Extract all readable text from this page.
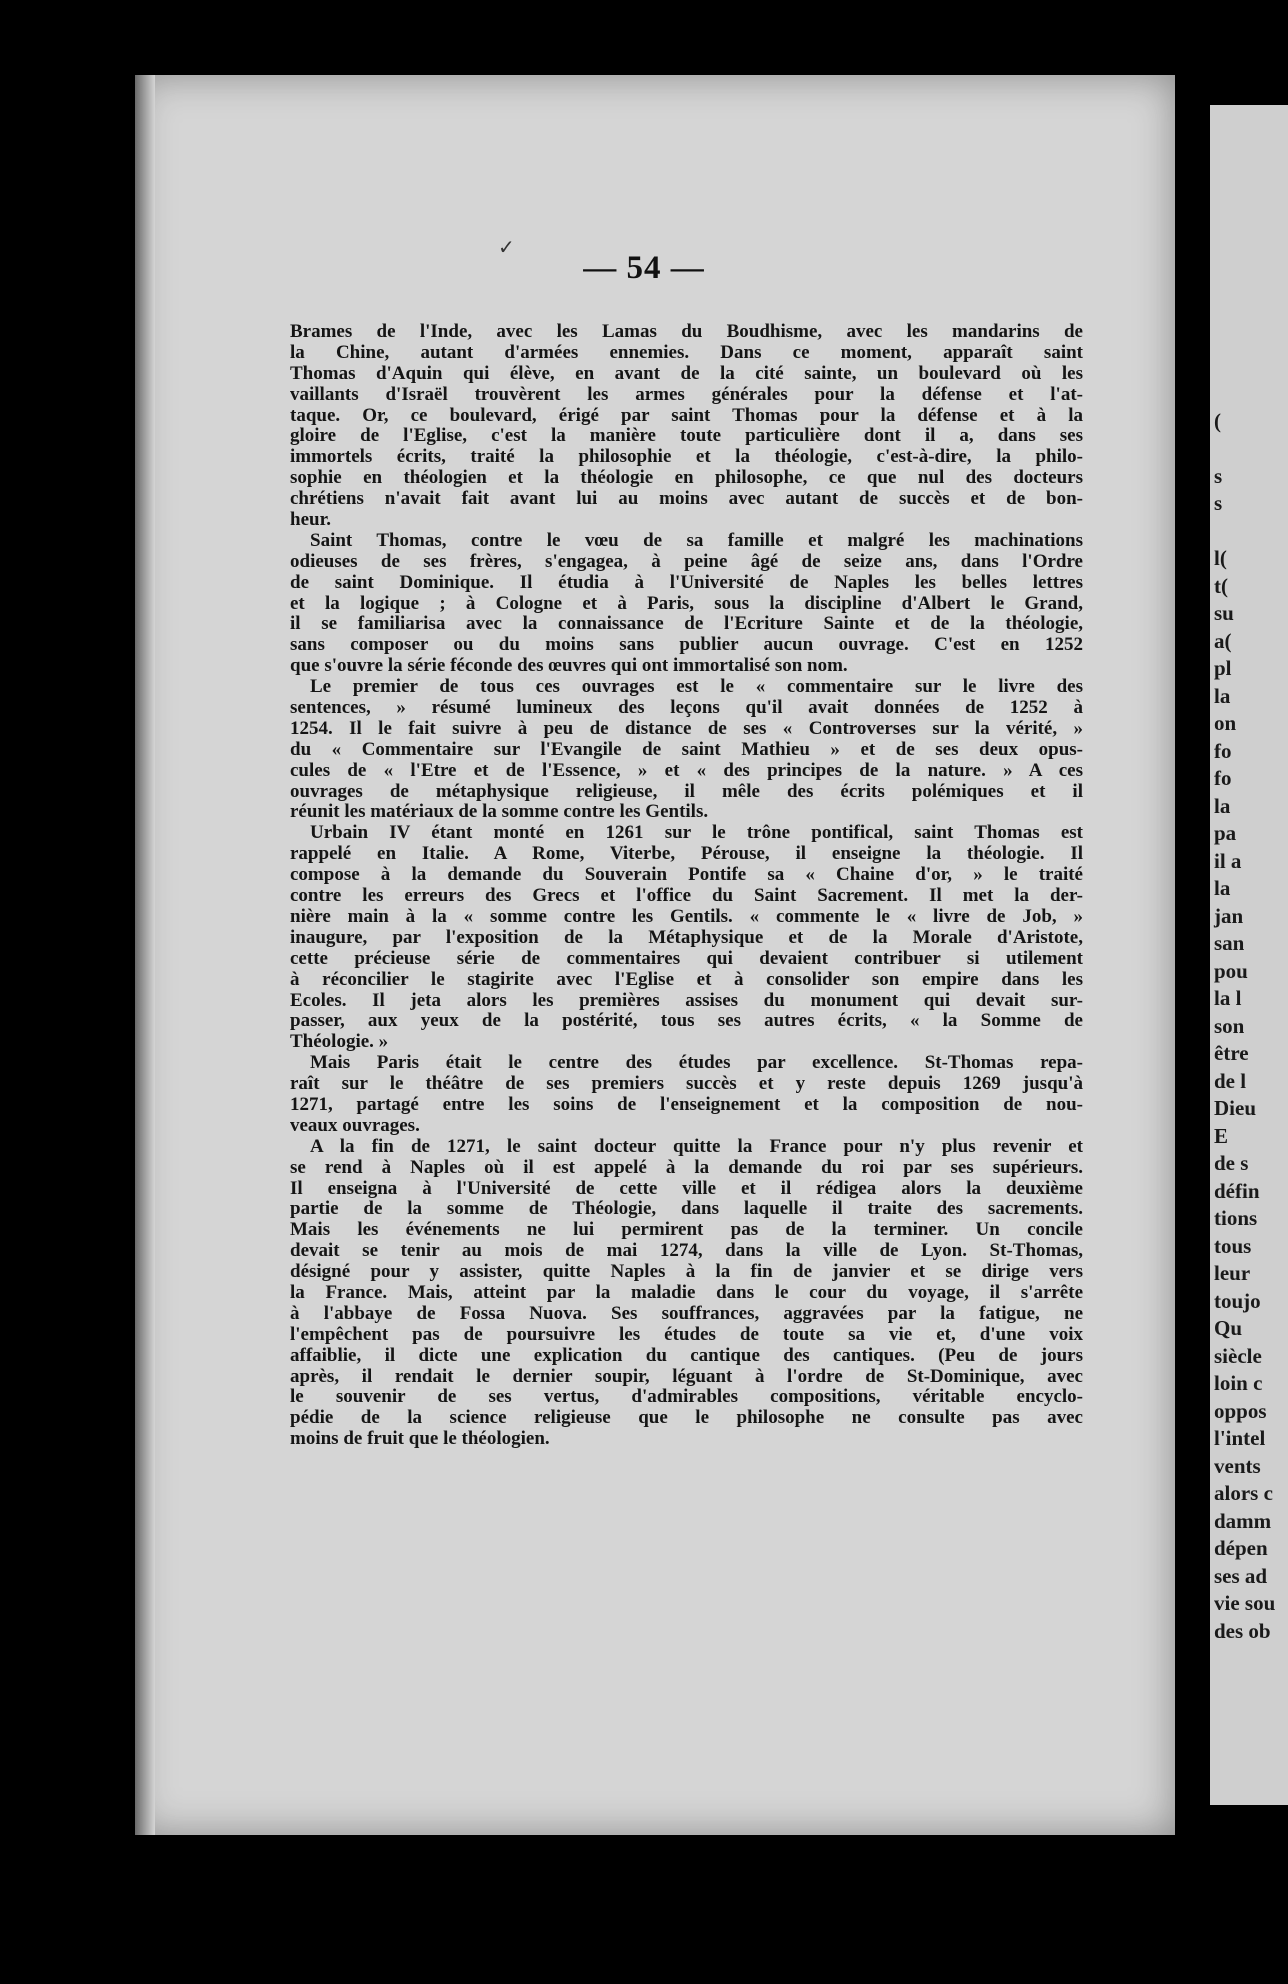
(
s
s
l(
t(
su
a(
pl
la
on
fo
fo
la
pa
il a
la
jan
san
pou
la l
son
être
de l
Dieu
E
de s
défin
tions
tous
leur
toujo
Qu
siècle
loin c
oppos
l'intel
vents
alors c
damm
dépen
ses ad
vie sou
des ob
✓
— 54 —
Brames de l'Inde, avec les Lamas du Boudhisme, avec les mandarins de
la Chine, autant d'armées ennemies. Dans ce moment, apparaît saint
Thomas d'Aquin qui élève, en avant de la cité sainte, un boulevard où les
vaillants d'Israël trouvèrent les armes générales pour la défense et l'at-
taque. Or, ce boulevard, érigé par saint Thomas pour la défense et à la
gloire de l'Eglise, c'est la manière toute particulière dont il a, dans ses
immortels écrits, traité la philosophie et la théologie, c'est-à-dire, la philo-
sophie en théologien et la théologie en philosophe, ce que nul des docteurs
chrétiens n'avait fait avant lui au moins avec autant de succès et de bon-
heur.
Saint Thomas, contre le vœu de sa famille et malgré les machinations
odieuses de ses frères, s'engagea, à peine âgé de seize ans, dans l'Ordre
de saint Dominique. Il étudia à l'Université de Naples les belles lettres
et la logique ; à Cologne et à Paris, sous la discipline d'Albert le Grand,
il se familiarisa avec la connaissance de l'Ecriture Sainte et de la théologie,
sans composer ou du moins sans publier aucun ouvrage. C'est en 1252
que s'ouvre la série féconde des œuvres qui ont immortalisé son nom.
Le premier de tous ces ouvrages est le « commentaire sur le livre des
sentences, » résumé lumineux des leçons qu'il avait données de 1252 à
1254. Il le fait suivre à peu de distance de ses « Controverses sur la vérité, »
du « Commentaire sur l'Evangile de saint Mathieu » et de ses deux opus-
cules de « l'Etre et de l'Essence, » et « des principes de la nature. » A ces
ouvrages de métaphysique religieuse, il mêle des écrits polémiques et il
réunit les matériaux de la somme contre les Gentils.
Urbain IV étant monté en 1261 sur le trône pontifical, saint Thomas est
rappelé en Italie. A Rome, Viterbe, Pérouse, il enseigne la théologie. Il
compose à la demande du Souverain Pontife sa « Chaine d'or, » le traité
contre les erreurs des Grecs et l'office du Saint Sacrement. Il met la der-
nière main à la « somme contre les Gentils. « commente le « livre de Job, »
inaugure, par l'exposition de la Métaphysique et de la Morale d'Aristote,
cette précieuse série de commentaires qui devaient contribuer si utilement
à réconcilier le stagirite avec l'Eglise et à consolider son empire dans les
Ecoles. Il jeta alors les premières assises du monument qui devait sur-
passer, aux yeux de la postérité, tous ses autres écrits, « la Somme de
Théologie. »
Mais Paris était le centre des études par excellence. St-Thomas repa-
raît sur le théâtre de ses premiers succès et y reste depuis 1269 jusqu'à
1271, partagé entre les soins de l'enseignement et la composition de nou-
veaux ouvrages.
A la fin de 1271, le saint docteur quitte la France pour n'y plus revenir et
se rend à Naples où il est appelé à la demande du roi par ses supérieurs.
Il enseigna à l'Université de cette ville et il rédigea alors la deuxième
partie de la somme de Théologie, dans laquelle il traite des sacrements.
Mais les événements ne lui permirent pas de la terminer. Un concile
devait se tenir au mois de mai 1274, dans la ville de Lyon. St-Thomas,
désigné pour y assister, quitte Naples à la fin de janvier et se dirige vers
la France. Mais, atteint par la maladie dans le cour du voyage, il s'arrête
à l'abbaye de Fossa Nuova. Ses souffrances, aggravées par la fatigue, ne
l'empêchent pas de poursuivre les études de toute sa vie et, d'une voix
affaiblie, il dicte une explication du cantique des cantiques. (Peu de jours
après, il rendait le dernier soupir, léguant à l'ordre de St-Dominique, avec
le souvenir de ses vertus, d'admirables compositions, véritable encyclo-
pédie de la science religieuse que le philosophe ne consulte pas avec
moins de fruit que le théologien.
